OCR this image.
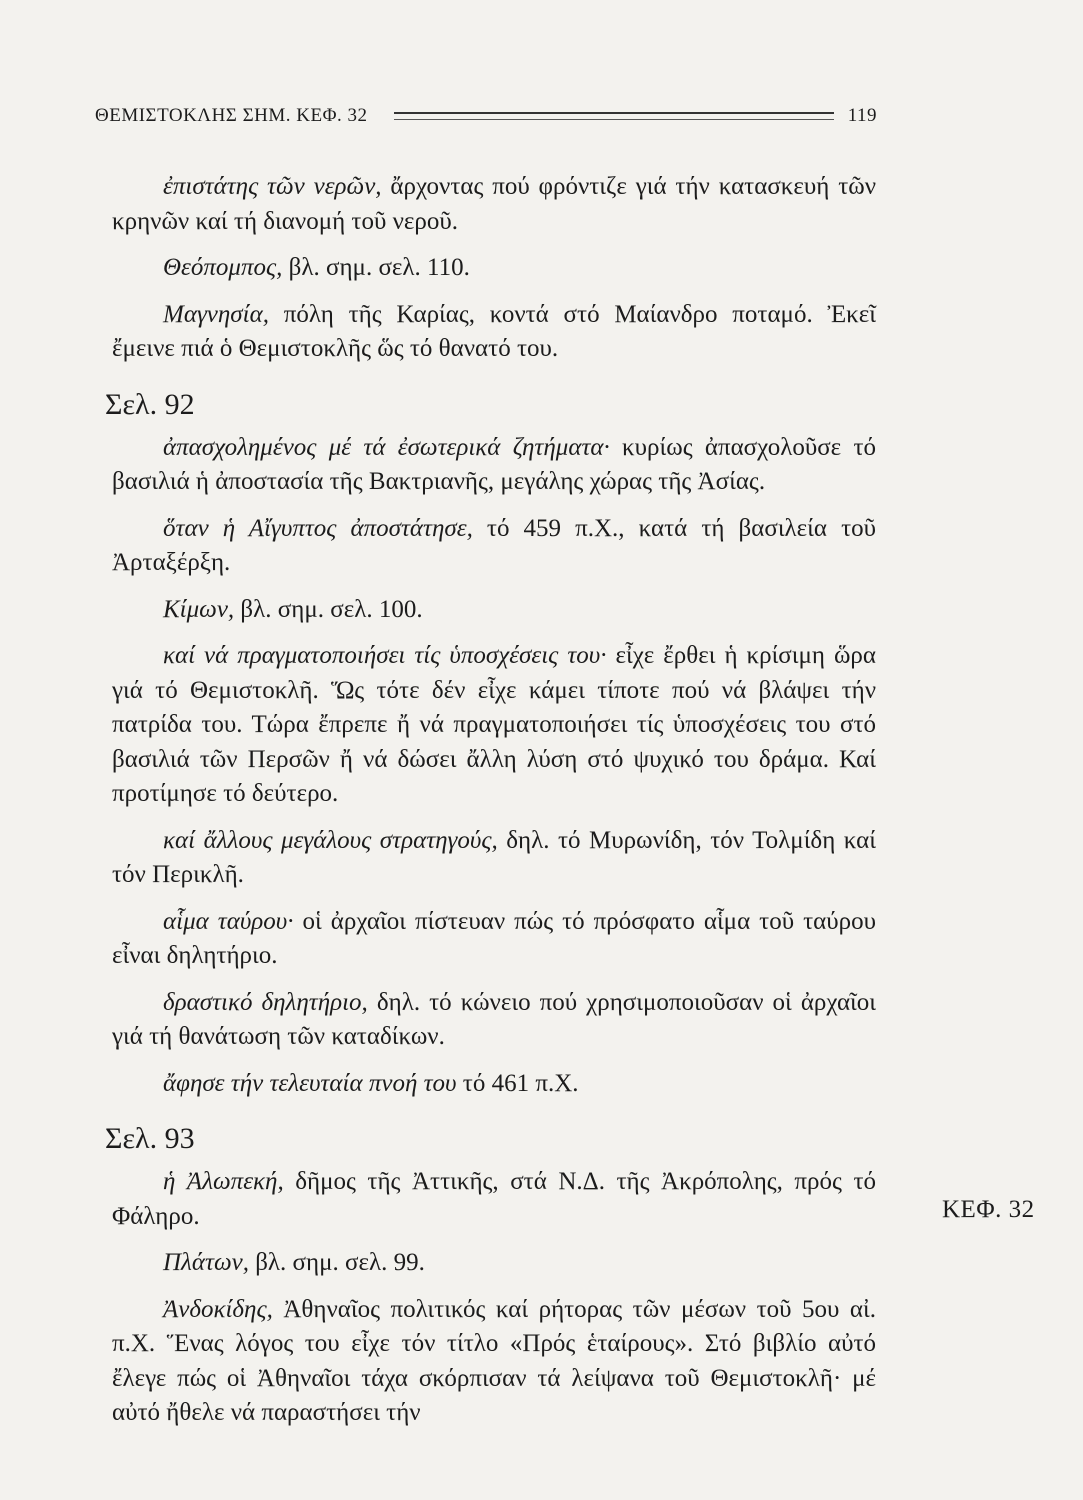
ΘΕΜΙΣΤΟΚΛΗΣ ΣΗΜ. ΚΕΦ. 32	119

ἐπιστάτης τῶν νερῶν, ἄρχοντας πού φρόντιζε γιά τήν κατασκευή τῶν κρηνῶν καί τή διανομή τοῦ νεροῦ.

Θεόπομπος, βλ. σημ. σελ. 110.

Μαγνησία, πόλη τῆς Καρίας, κοντά στό Μαίανδρο ποταμό. Ἐκεῖ ἔμεινε πιά ὁ Θεμιστοκλῆς ὥς τό θανατό του.

Σελ. 92

ἀπασχολημένος μέ τά ἐσωτερικά ζητήματα· κυρίως ἀπασχολοῦσε τό βασιλιά ἡ ἀποστασία τῆς Βακτριανῆς, μεγάλης χώρας τῆς Ἀσίας.

ὅταν ἡ Αἴγυπτος ἀποστάτησε, τό 459 π.Χ., κατά τή βασιλεία τοῦ Ἀρταξέρξη.

Κίμων, βλ. σημ. σελ. 100.

καί νά πραγματοποιήσει τίς ὑποσχέσεις του· εἶχε ἔρθει ἡ κρίσιμη ὥρα γιά τό Θεμιστοκλῆ. Ὥς τότε δέν εἶχε κάμει τίποτε πού νά βλάψει τήν πατρίδα του. Τώρα ἔπρεπε ἤ νά πραγματοποιήσει τίς ὑποσχέσεις του στό βασιλιά τῶν Περσῶν ἤ νά δώσει ἄλλη λύση στό ψυχικό του δράμα. Καί προτίμησε τό δεύτερο.

καί ἄλλους μεγάλους στρατηγούς, δηλ. τό Μυρωνίδη, τόν Τολμίδη καί τόν Περικλῆ.

αἷμα ταύρου· οἱ ἀρχαῖοι πίστευαν πώς τό πρόσφατο αἷμα τοῦ ταύρου εἶναι δηλητήριο.

δραστικό δηλητήριο, δηλ. τό κώνειο πού χρησιμοποιοῦσαν οἱ ἀρχαῖοι γιά τή θανάτωση τῶν καταδίκων.

ἄφησε τήν τελευταία πνοή του τό 461 π.Χ.

Σελ. 93

ἡ Ἀλωπεκή, δῆμος τῆς Ἀττικῆς, στά Ν.Δ. τῆς Ἀκρόπολης, πρός τό Φάληρο.

Πλάτων, βλ. σημ. σελ. 99.

Ἀνδοκίδης, Ἀθηναῖος πολιτικός καί ρήτορας τῶν μέσων τοῦ 5ου αἰ. π.Χ. Ἕνας λόγος του εἶχε τόν τίτλο «Πρός ἑταίρους». Στό βιβλίο αὐτό ἔλεγε πώς οἱ Ἀθηναῖοι τάχα σκόρπισαν τά λείψανα τοῦ Θεμιστοκλῆ· μέ αὐτό ἤθελε νά παραστήσει τήν

ΚΕΦ. 32
